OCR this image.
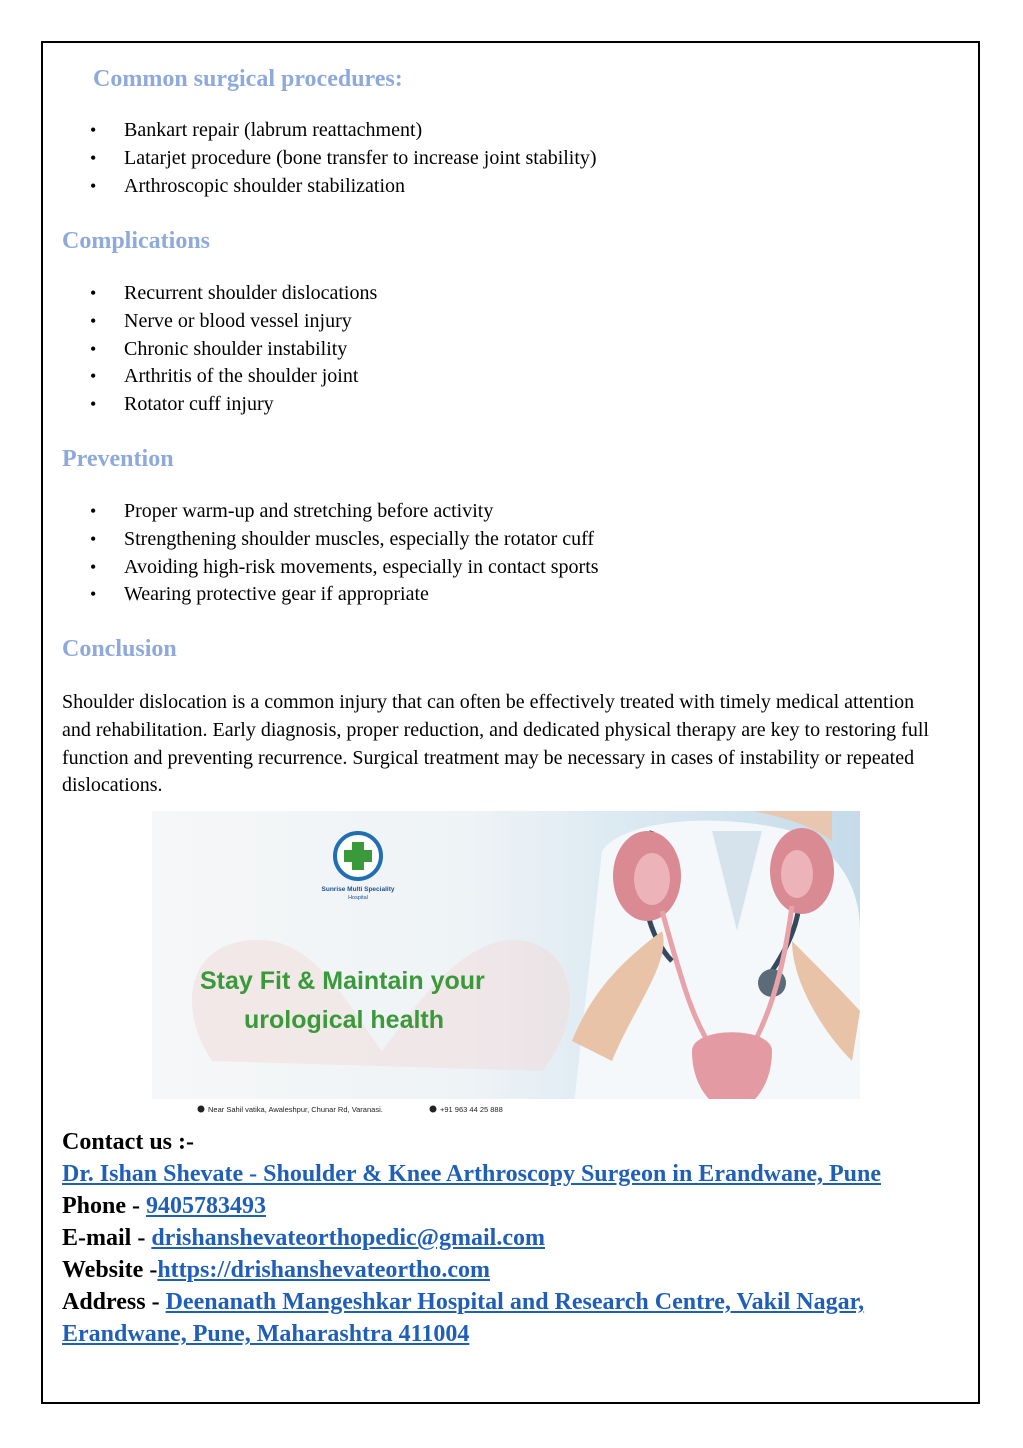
Common surgical procedures:
• Bankart repair (labrum reattachment)
• Latarjet procedure (bone transfer to increase joint stability)
• Arthroscopic shoulder stabilization
Complications
• Recurrent shoulder dislocations
• Nerve or blood vessel injury
• Chronic shoulder instability
• Arthritis of the shoulder joint
• Rotator cuff injury
Prevention
• Proper warm-up and stretching before activity
• Strengthening shoulder muscles, especially the rotator cuff
• Avoiding high-risk movements, especially in contact sports
• Wearing protective gear if appropriate
Conclusion

Shoulder dislocation is a common injury that can often be effectively treated with timely medical attention and rehabilitation. Early diagnosis, proper reduction, and dedicated physical therapy are key to restoring full function and preventing recurrence. Surgical treatment may be necessary in cases of instability or repeated dislocations.

Sunrise Multi Speciality
Hospital
Stay Fit & Maintain your
urological health
Near Sahil vatika, Awaleshpur, Chunar Rd, Varanasi.	+91 963 44 25 888
Contact us :-
Dr. Ishan Shevate - Shoulder & Knee Arthroscopy Surgeon in Erandwane, Pune
Phone - 9405783493
E-mail - drishanshevateorthopedic@gmail.com
Website -https://drishanshevateortho.com
Address - Deenanath Mangeshkar Hospital and Research Centre, Vakil Nagar, Erandwane, Pune, Maharashtra 411004
